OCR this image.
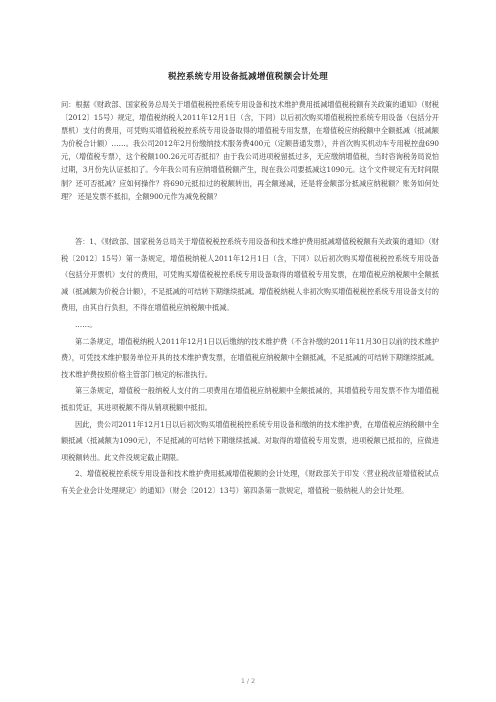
税控系统专用设备抵减增值税额会计处理
问：根据《财政部、国家税务总局关于增值税税控系统专用设备和技术维护费用抵减增值税税额有关政策的通知》（财税〔2012〕15号）规定，增值税纳税人2011年12月1日（含，下同）以后初次购买增值税税控系统专用设备（包括分开票机）支付的费用，可凭购买增值税税控系统专用设备取得的增值税专用发票，在增值税应纳税额中全额抵减（抵减额为价税合计额）……。我公司2012年2月份缴纳技术服务费400元（定额普通发票），并首次购买机动车专用税控盘690元，（增值税专票），这个税额100.26元可否抵扣？由于我公司进项税留抵过多，无应缴纳增值税，当时咨询税务局说怕过期，3月份先认证抵扣了。今年我公司有应纳增值税额产生，现在我公司要抵减这1090元。这个文件规定有无时间限制？还可否抵减？应如何操作？将690元抵扣过的税额转出，再全额递减，还是将金额部分抵减应纳税额？账务如何处理？ 还是发票不抵扣，全额900元作为减免税额？

答：1、《财政部、国家税务总局关于增值税税控系统专用设备和技术维护费用抵减增值税税额有关政策的通知》（财税〔2012〕15号）第一条规定，增值税纳税人2011年12月1日（含，下同）以后初次购买增值税税控系统专用设备（包括分开票机）支付的费用，可凭购买增值税税控系统专用设备取得的增值税专用发票，在增值税应纳税额中全额抵减（抵减额为价税合计额），不足抵减的可结转下期继续抵减。增值税纳税人非初次购买增值税税控系统专用设备支付的费用，由其自行负担，不得在增值税应纳税额中抵减。

……。

第二条规定，增值税纳税人2011年12月1日以后缴纳的技术维护费（不含补缴的2011年11月30日以前的技术维护费），可凭技术维护服务单位开具的技术维护费发票，在增值税应纳税额中全额抵减，不足抵减的可结转下期继续抵减。技术维护费按照价格主管部门核定的标准执行。

第三条规定，增值税一般纳税人支付的二项费用在增值税应纳税额中全额抵减的，其增值税专用发票不作为增值税抵扣凭证，其进项税额不得从销项税额中抵扣。

因此，贵公司2011年12月1日以后初次购买增值税税控系统专用设备和缴纳的技术维护费，在增值税应纳税额中全额抵减（抵减额为1090元），不足抵减的可结转下期继续抵减。对取得的增值税专用发票，进项税额已抵扣的，应做进项税额转出。此文件没规定截止期限。

2、增值税税控系统专用设备和技术维护费用抵减增值税额的会计处理，《财政部关于印发〈营业税改征增值税试点有关企业会计处理规定〉的通知》（财会〔2012〕13号）第四条第一款规定，增值税一般纳税人的会计处理。

1 / 2
